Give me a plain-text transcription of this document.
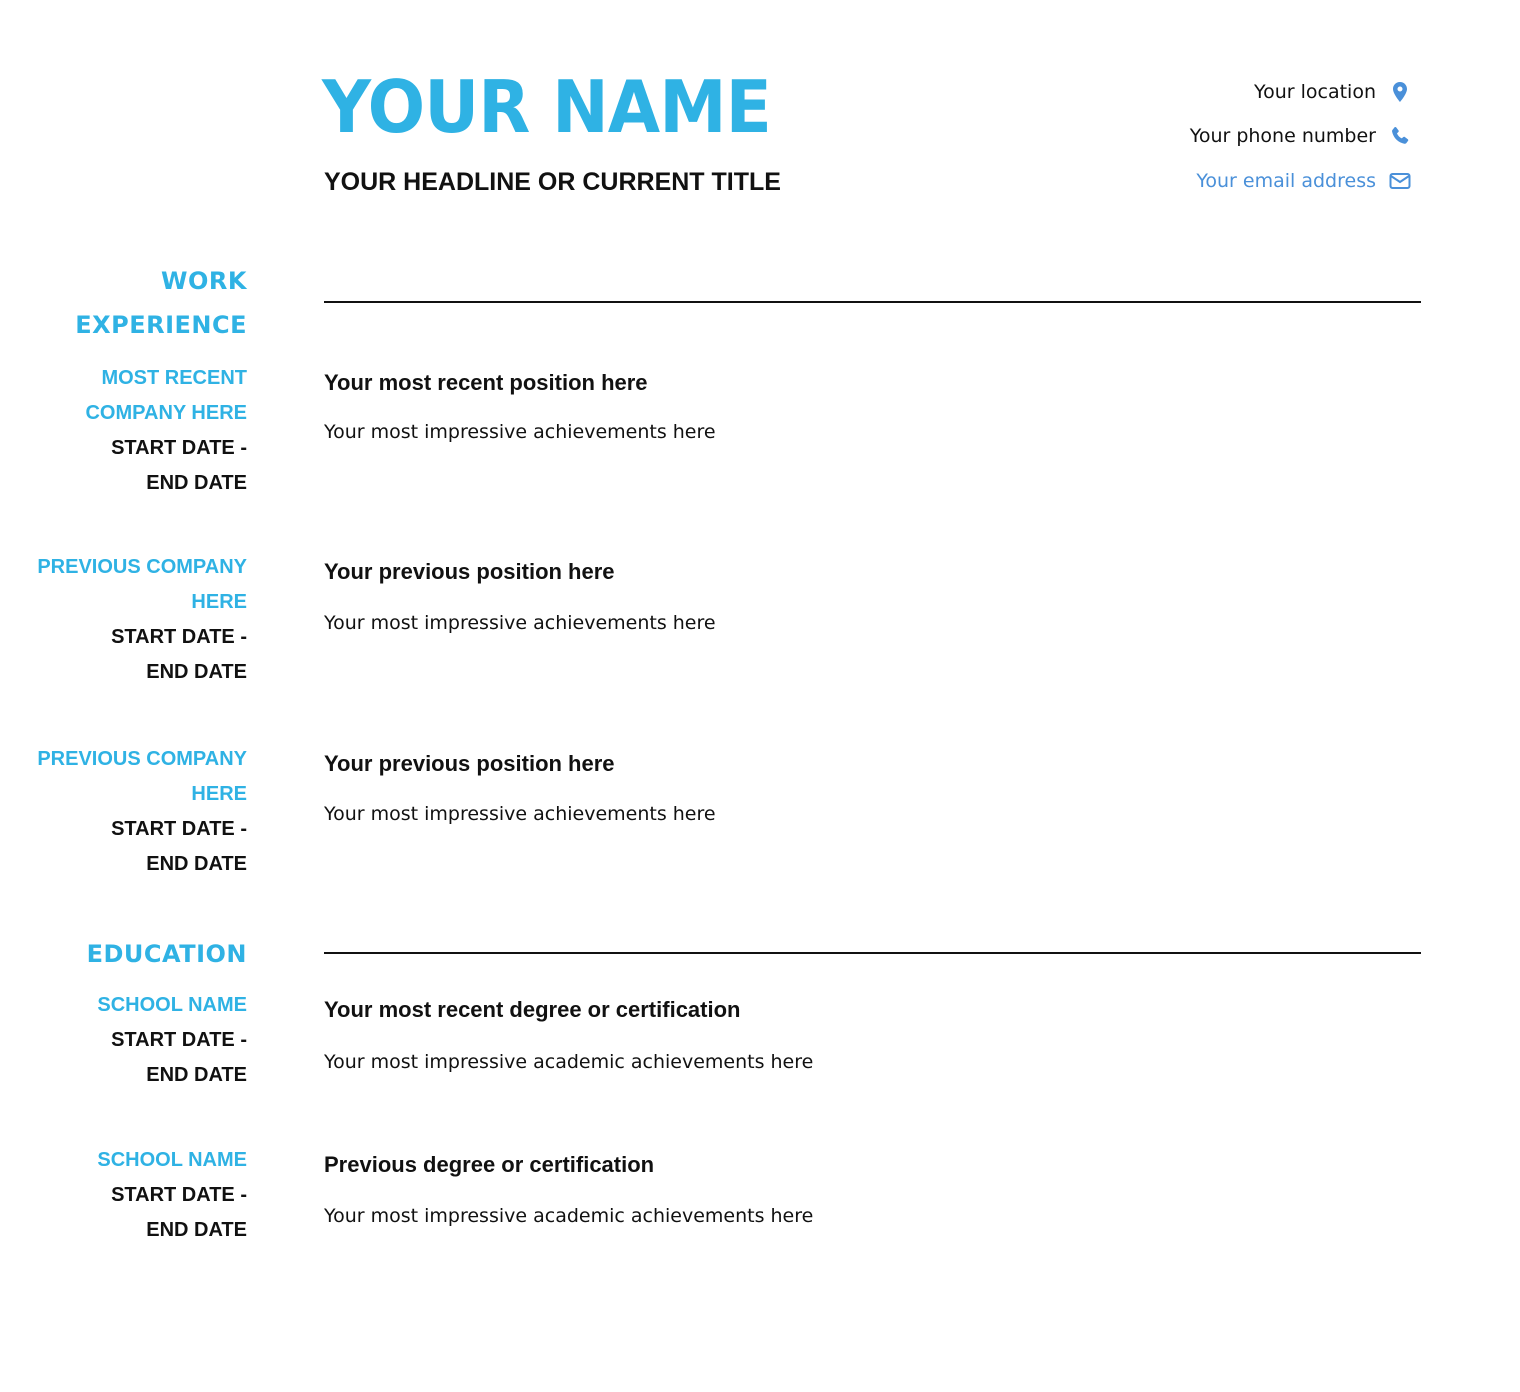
YOUR NAME
YOUR HEADLINE OR CURRENT TITLE
Your location
Your phone number
Your email address
WORK
EXPERIENCE
MOST RECENT
COMPANY HERE
START DATE -
END DATE
Your most recent position here
Your most impressive achievements here
PREVIOUS COMPANY
HERE
START DATE -
END DATE
Your previous position here
Your most impressive achievements here
PREVIOUS COMPANY
HERE
START DATE -
END DATE
Your previous position here
Your most impressive achievements here
EDUCATION
SCHOOL NAME
START DATE -
END DATE
Your most recent degree or certification
Your most impressive academic achievements here
SCHOOL NAME
START DATE -
END DATE
Previous degree or certification
Your most impressive academic achievements here
